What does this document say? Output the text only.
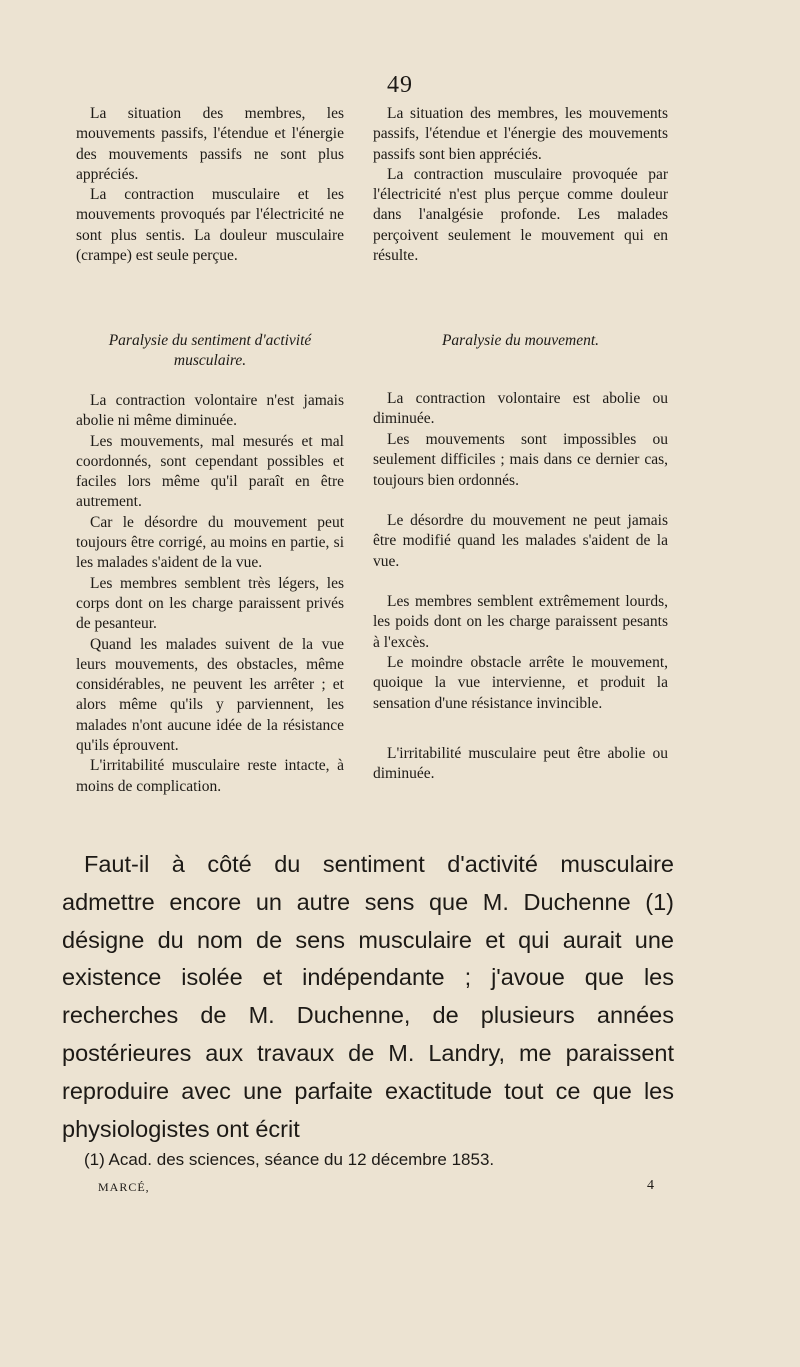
49

La situation des membres, les mouvements passifs, l'étendue et l'énergie des mouvements passifs ne sont plus appréciés.

La contraction musculaire et les mouvements provoqués par l'électricité ne sont plus sentis. La douleur musculaire (crampe) est seule perçue.

Paralysie du sentiment d'activité musculaire.

La contraction volontaire n'est jamais abolie ni même diminuée.

Les mouvements, mal mesurés et mal coordonnés, sont cependant possibles et faciles lors même qu'il paraît en être autrement.

Car le désordre du mouvement peut toujours être corrigé, au moins en partie, si les malades s'aident de la vue.

Les membres semblent très légers, les corps dont on les charge paraissent privés de pesanteur.

Quand les malades suivent de la vue leurs mouvements, des obstacles, même considérables, ne peuvent les arrêter ; et alors même qu'ils y parviennent, les malades n'ont aucune idée de la résistance qu'ils éprouvent.

L'irritabilité musculaire reste intacte, à moins de complication.

La situation des membres, les mouvements passifs, l'étendue et l'énergie des mouvements passifs sont bien appréciés.

La contraction musculaire provoquée par l'électricité n'est plus perçue comme douleur dans l'analgésie profonde. Les malades perçoivent seulement le mouvement qui en résulte.

Paralysie du mouvement.

La contraction volontaire est abolie ou diminuée.

Les mouvements sont impossibles ou seulement difficiles ; mais dans ce dernier cas, toujours bien ordonnés.

Le désordre du mouvement ne peut jamais être modifié quand les malades s'aident de la vue.

Les membres semblent extrêmement lourds, les poids dont on les charge paraissent pesants à l'excès.

Le moindre obstacle arrête le mouvement, quoique la vue intervienne, et produit la sensation d'une résistance invincible.

L'irritabilité musculaire peut être abolie ou diminuée.

Faut-il à côté du sentiment d'activité musculaire admettre encore un autre sens que M. Duchenne (1) désigne du nom de sens musculaire et qui aurait une existence isolée et indépendante ; j'avoue que les recherches de M. Duchenne, de plusieurs années postérieures aux travaux de M. Landry, me paraissent reproduire avec une parfaite exactitude tout ce que les physiologistes ont écrit

(1) Acad. des sciences, séance du 12 décembre 1853.
MARCÉ,	4
